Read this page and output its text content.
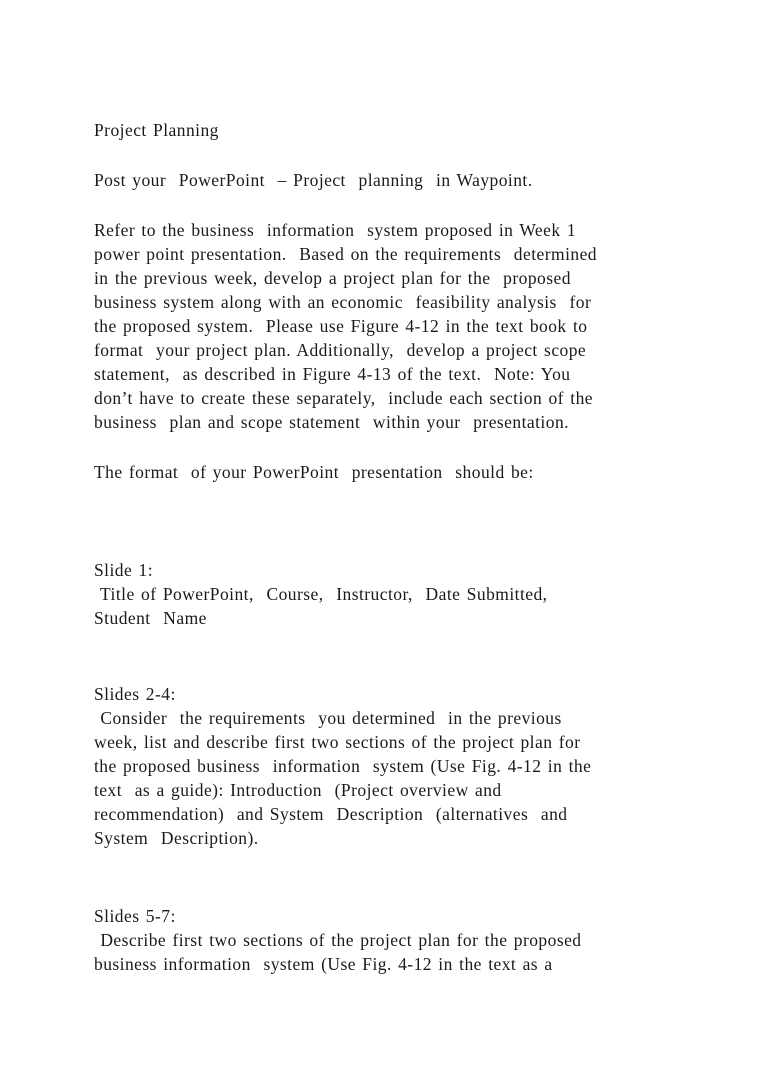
Project Planning
Post your  PowerPoint  – Project  planning  in Waypoint.
Refer to the business  information  system proposed in Week 1
power point presentation.  Based on the requirements  determined
in the previous week, develop a project plan for the  proposed
business system along with an economic  feasibility analysis  for
the proposed system.  Please use Figure 4-12 in the text book to
format  your project plan. Additionally,  develop a project scope
statement,  as described in Figure 4-13 of the text.  Note: You
don’t have to create these separately,  include each section of the
business  plan and scope statement  within your  presentation.
The format  of your PowerPoint  presentation  should be:
Slide 1:
Title of PowerPoint,  Course,  Instructor,  Date Submitted,
Student  Name
Slides 2-4:
Consider  the requirements  you determined  in the previous
week, list and describe first two sections of the project plan for
the proposed business  information  system (Use Fig. 4-12 in the
text  as a guide): Introduction  (Project overview and
recommendation)  and System  Description  (alternatives  and
System  Description).
Slides 5-7:
Describe first two sections of the project plan for the proposed
business information  system (Use Fig. 4-12 in the text as a
